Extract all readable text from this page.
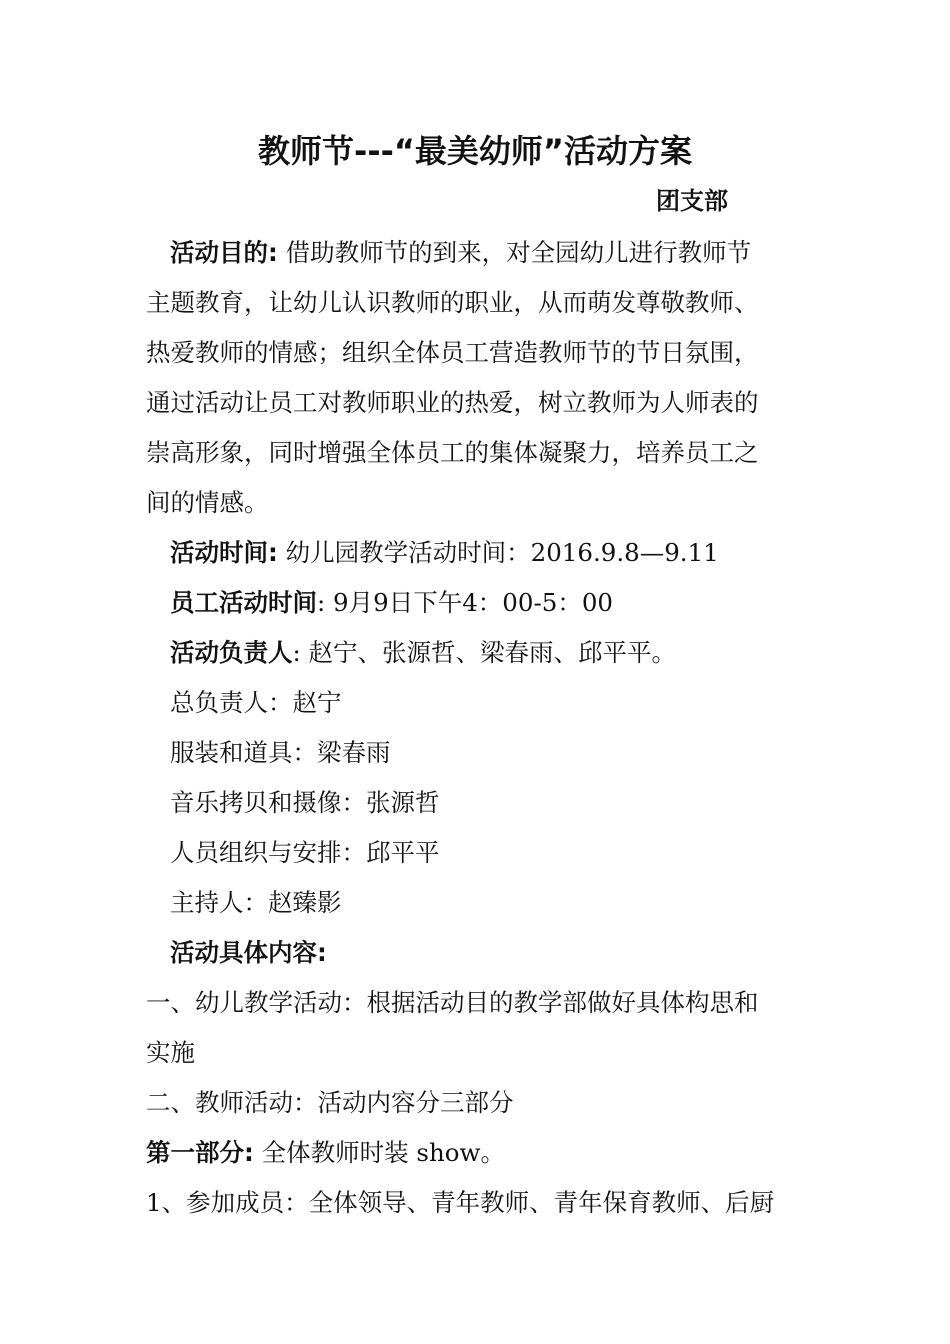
教师节---“最美幼师”活动方案
团支部
活动目的: 借助教师节的到来，对全园幼儿进行教师节
主题教育，让幼儿认识教师的职业，从而萌发尊敬教师、
热爱教师的情感；组织全体员工营造教师节的节日氛围，
通过活动让员工对教师职业的热爱，树立教师为人师表的
崇高形象，同时增强全体员工的集体凝聚力，培养员工之
间的情感。
活动时间: 幼儿园教学活动时间：2016.9.8—9.11
员工活动时间: 9月9日下午4：00-5：00
活动负责人: 赵宁、张源哲、梁春雨、邱平平。
总负责人：赵宁
服装和道具：梁春雨
音乐拷贝和摄像：张源哲
人员组织与安排：邱平平
主持人：赵臻影
活动具体内容:
一、幼儿教学活动：根据活动目的教学部做好具体构思和
实施
二、教师活动：活动内容分三部分
第一部分: 全体教师时装 show。
1、参加成员：全体领导、青年教师、青年保育教师、后厨
